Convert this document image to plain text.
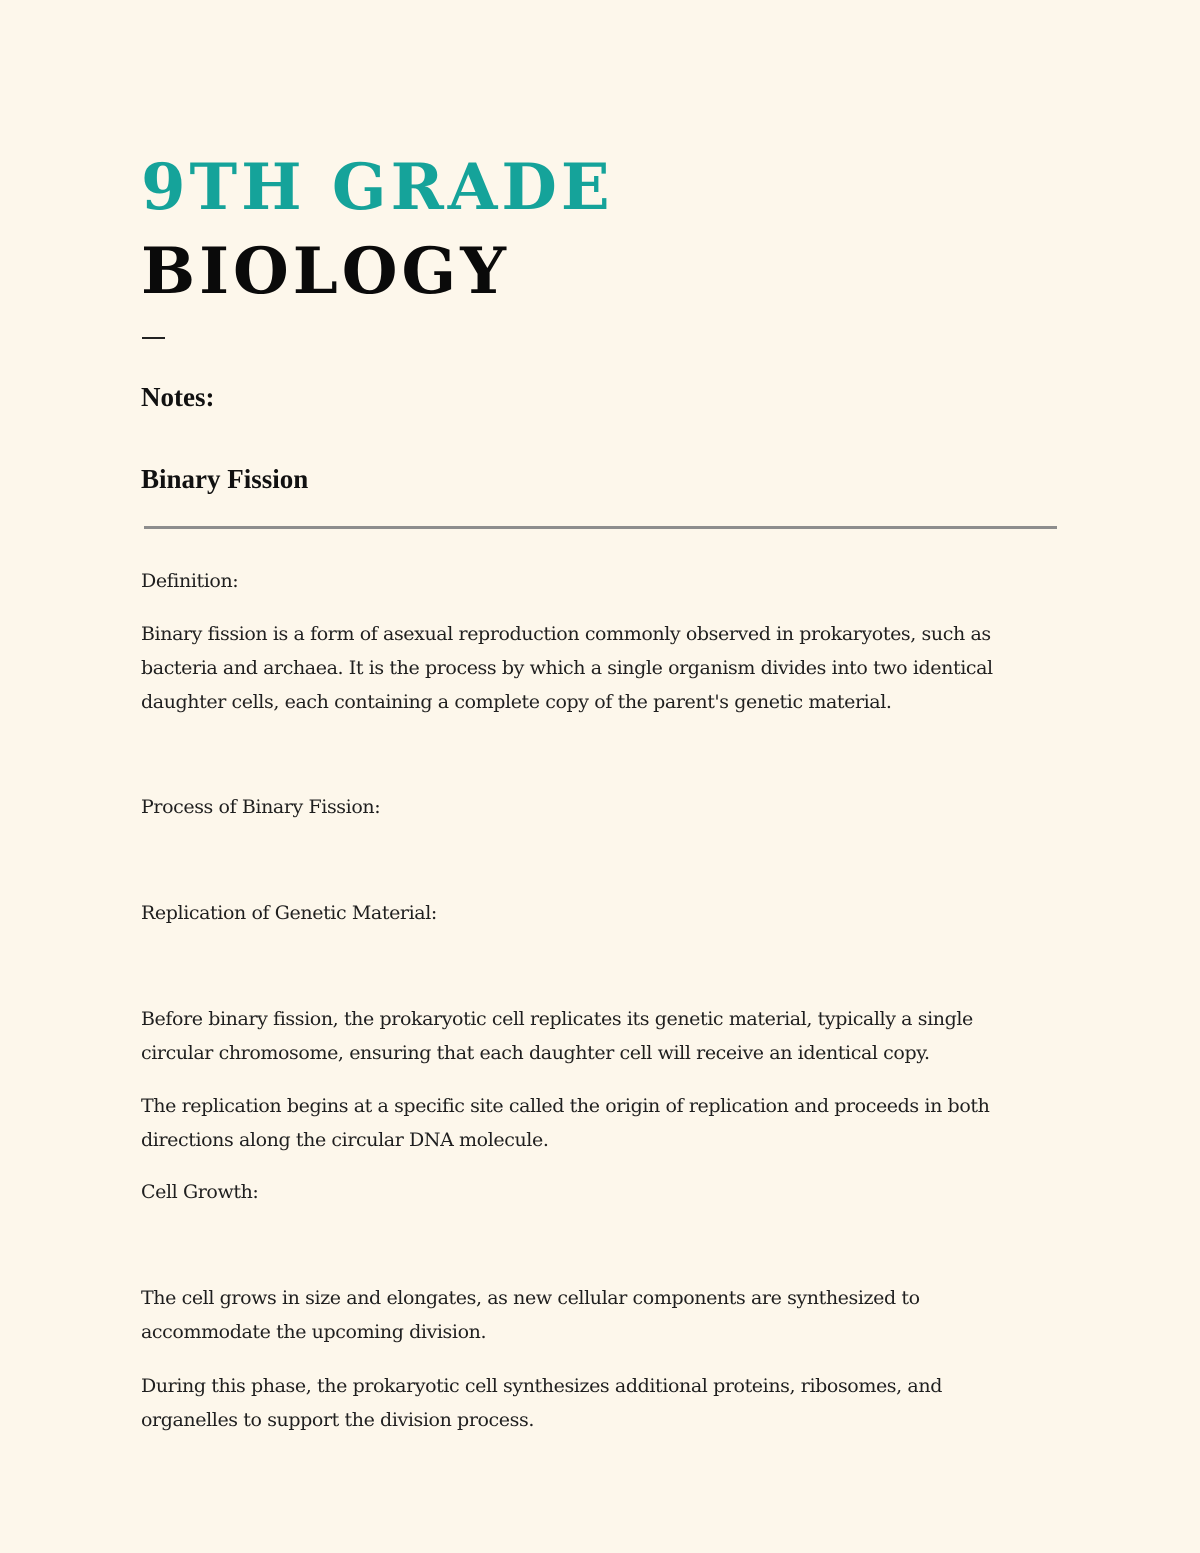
9TH GRADE
BIOLOGY
Notes:
Binary Fission

Definition:

Binary fission is a form of asexual reproduction commonly observed in prokaryotes, such as bacteria and archaea. It is the process by which a single organism divides into two identical daughter cells, each containing a complete copy of the parent's genetic material.

Process of Binary Fission:

Replication of Genetic Material:

Before binary fission, the prokaryotic cell replicates its genetic material, typically a single circular chromosome, ensuring that each daughter cell will receive an identical copy.

The replication begins at a specific site called the origin of replication and proceeds in both directions along the circular DNA molecule.

Cell Growth:

The cell grows in size and elongates, as new cellular components are synthesized to accommodate the upcoming division.

During this phase, the prokaryotic cell synthesizes additional proteins, ribosomes, and organelles to support the division process.
